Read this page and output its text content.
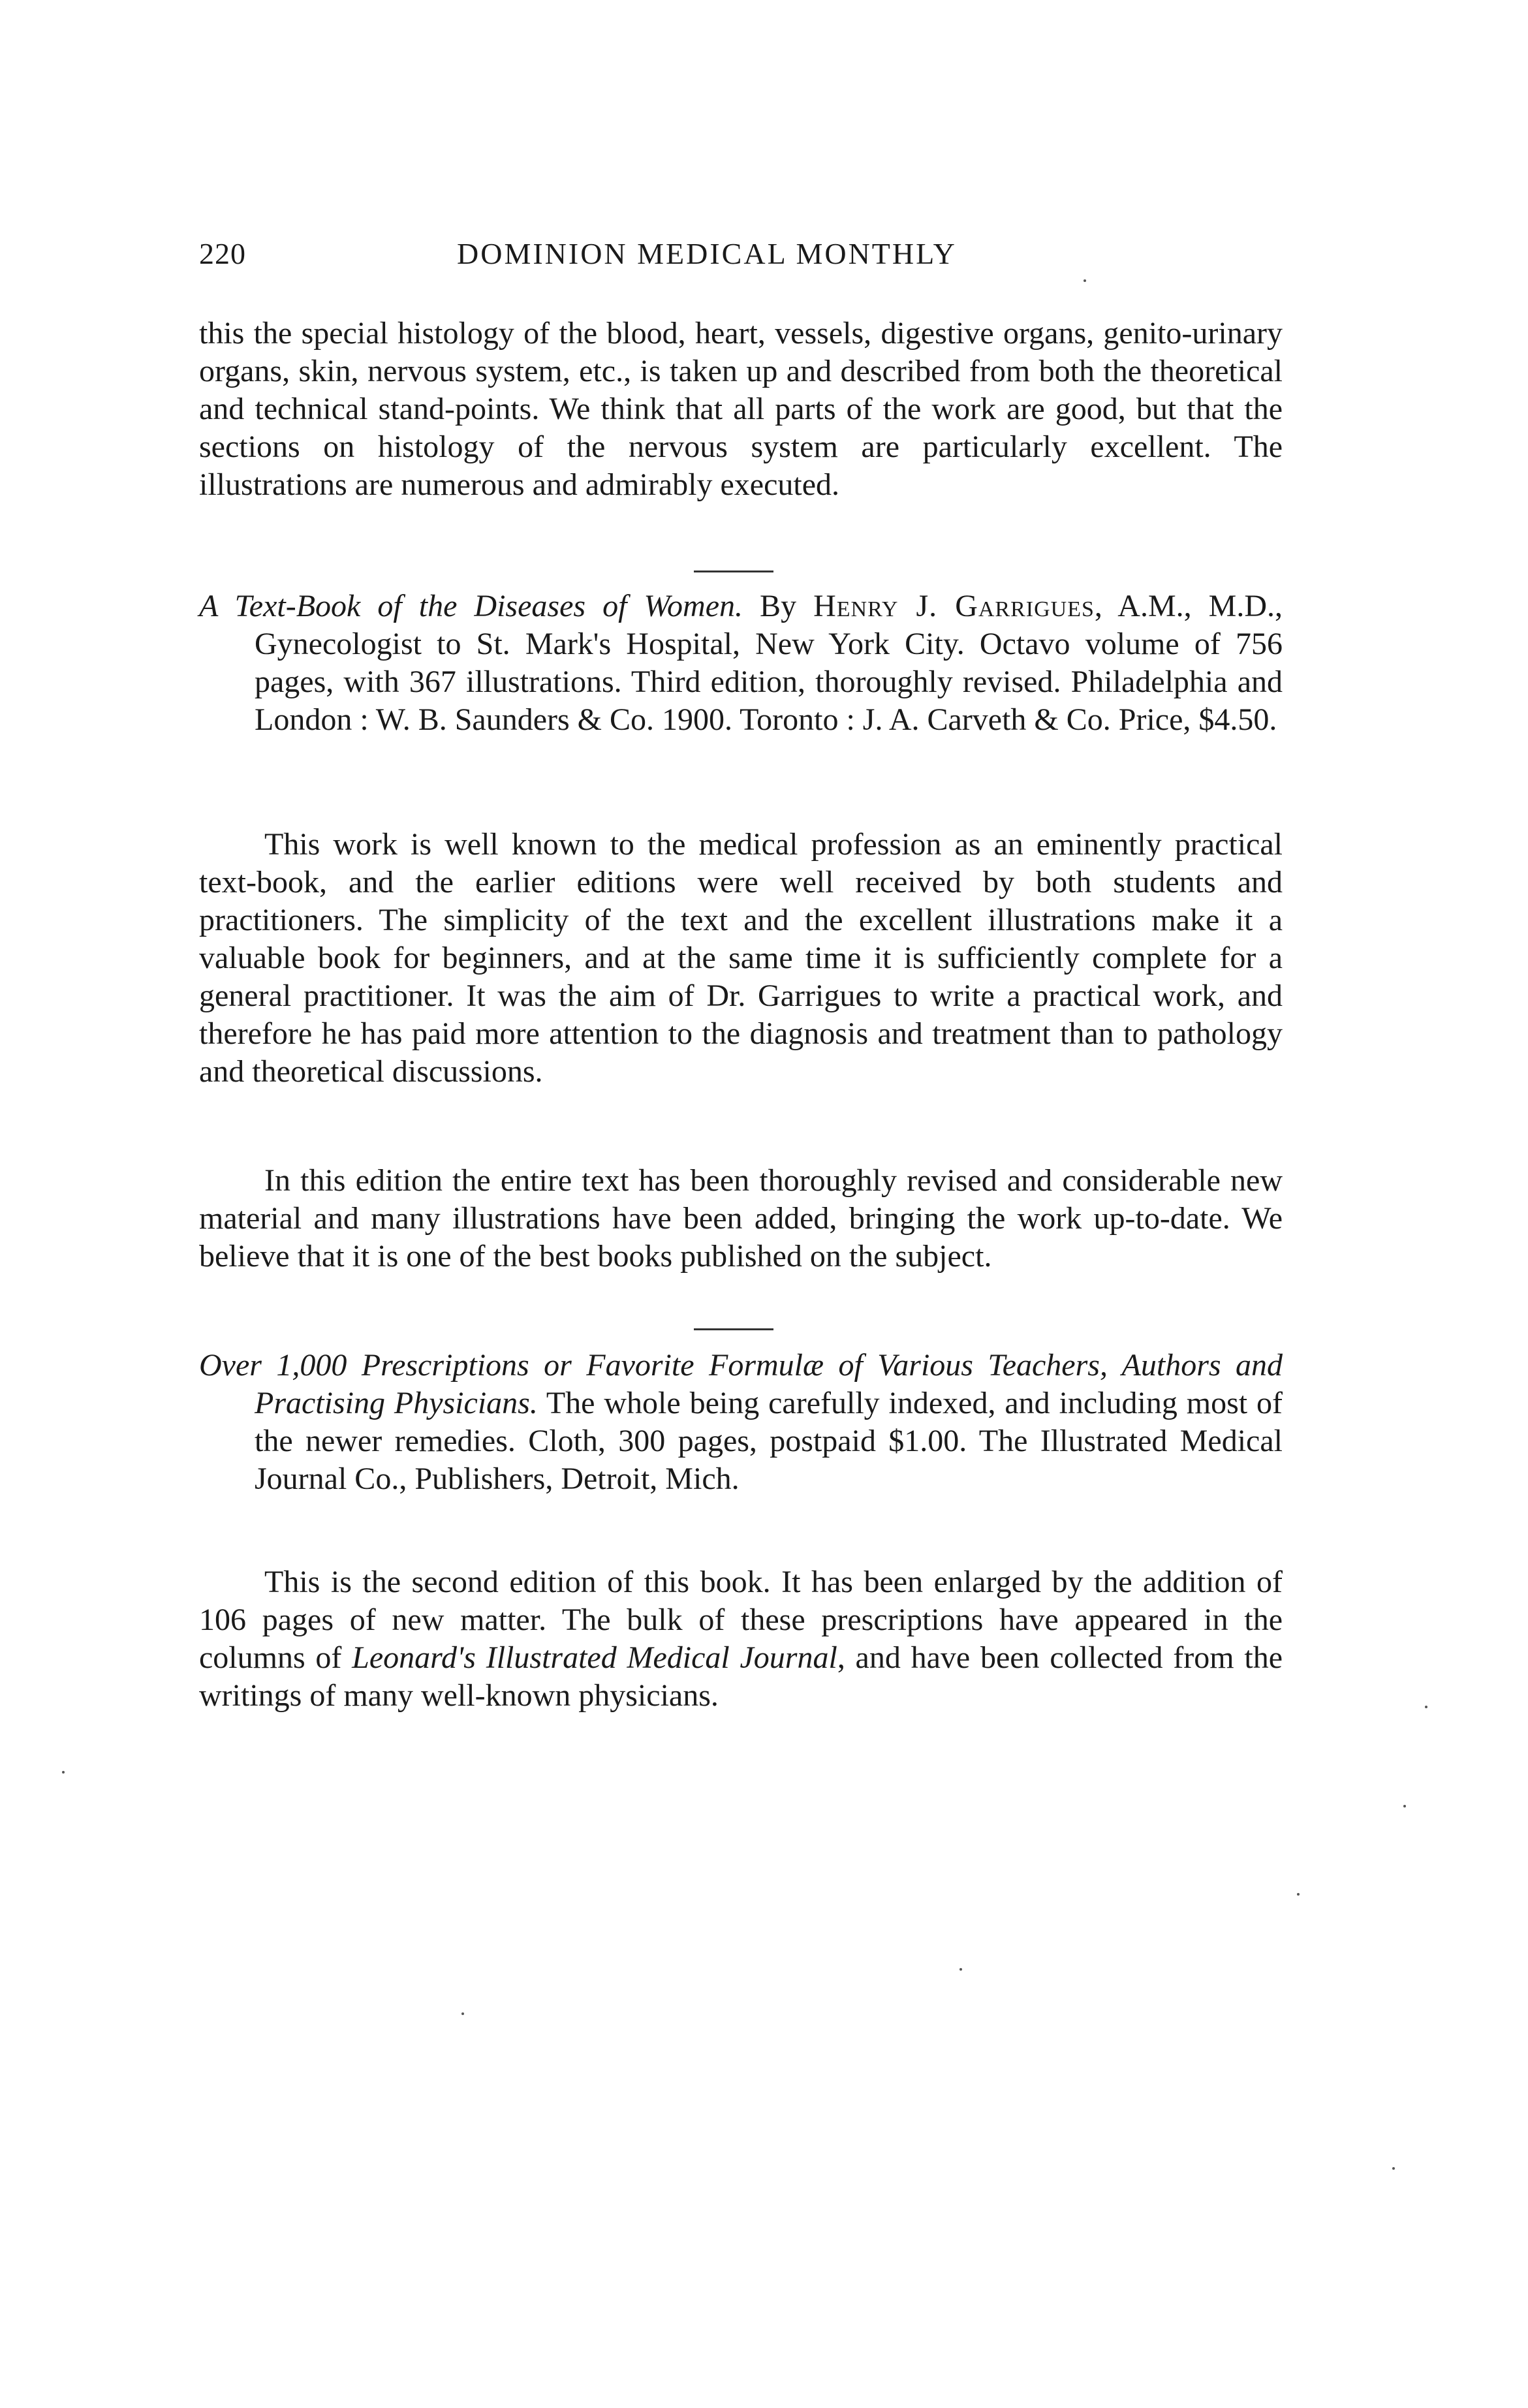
220	DOMINION MEDICAL MONTHLY

this the special histology of the blood, heart, vessels, digestive organs, genito-urinary organs, skin, nervous system, etc., is taken up and described from both the theoretical and technical stand-points. We think that all parts of the work are good, but that the sections on histology of the nervous system are particularly excellent. The illustrations are numerous and admirably executed.

A Text-Book of the Diseases of Women. By Henry J. Garrigues, A.M., M.D., Gynecologist to St. Mark's Hospital, New York City. Octavo volume of 756 pages, with 367 illustrations. Third edition, thoroughly revised. Philadelphia and London : W. B. Saunders & Co. 1900. Toronto : J. A. Carveth & Co. Price, $4.50.

This work is well known to the medical profession as an eminently practical text-book, and the earlier editions were well received by both students and practitioners. The simplicity of the text and the excellent illustrations make it a valuable book for beginners, and at the same time it is sufficiently complete for a general practitioner. It was the aim of Dr. Garrigues to write a practical work, and therefore he has paid more attention to the diagnosis and treatment than to pathology and theoretical discussions.

In this edition the entire text has been thoroughly revised and considerable new material and many illustrations have been added, bringing the work up-to-date. We believe that it is one of the best books published on the subject.

Over 1,000 Prescriptions or Favorite Formulæ of Various Teachers, Authors and Practising Physicians. The whole being carefully indexed, and including most of the newer remedies. Cloth, 300 pages, postpaid $1.00. The Illustrated Medical Journal Co., Publishers, Detroit, Mich.

This is the second edition of this book. It has been enlarged by the addition of 106 pages of new matter. The bulk of these prescriptions have appeared in the columns of Leonard's Illustrated Medical Journal, and have been collected from the writings of many well-known physicians.
